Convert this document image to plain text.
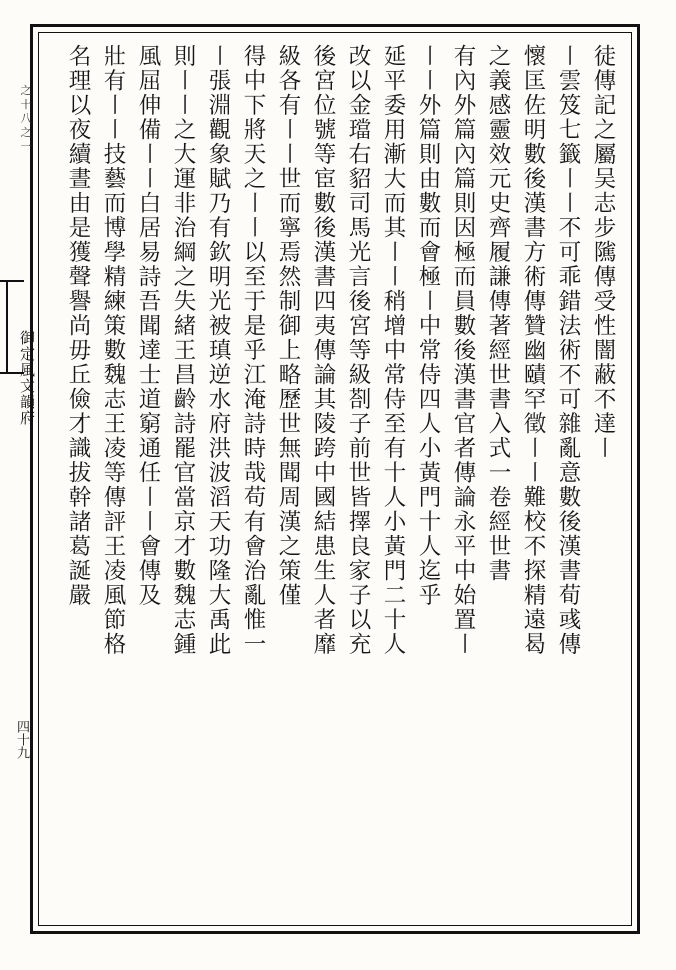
之十八之一
御定風文韻府
四十九
徒傳記之屬吴志步隲傳受性闇蔽不達〡
〡雲笈七籤〡〡不可乖錯法術不可雜亂意數後漢書荀彧傳
懷匡佐明數後漢書方術傳贊幽賾罕徵〡〡難校不探精遠曷
之義感靈效元史齊履謙傳著經世書入式一卷經世書
有內外篇內篇則因極而員數後漢書官者傳論永平中始置〡
〡〡外篇則由數而會極〡中常侍四人小黃門十人迄乎
延平委用漸大而其〡〡稍增中常侍至有十人小黃門二十人
改以金璫右貂司馬光言後宮等級剳子前世皆擇良家子以充
後宮位號等宦數後漢書四夷傳論其陵跨中國結患生人者靡
級各有〡〡世而寧焉然制御上略歷世無聞周漢之策僅
得中下將天之〡〡以至于是乎江淹詩時哉苟有會治亂惟一
〡張淵觀象賦乃有欽明光被瑱逆水府洪波滔天功隆大禹此
則〡〡之大運非治綱之失緒王昌齡詩罷官當京才數魏志鍾
風屈伸備〡〡白居易詩吾聞達士道窮通任〡〡會傳及
壯有〡〡技藝而博學精練策數魏志王凌等傳評王凌風節格
名理以夜續晝由是獲聲譽尚毋丘儉才識拔幹諸葛誕嚴
